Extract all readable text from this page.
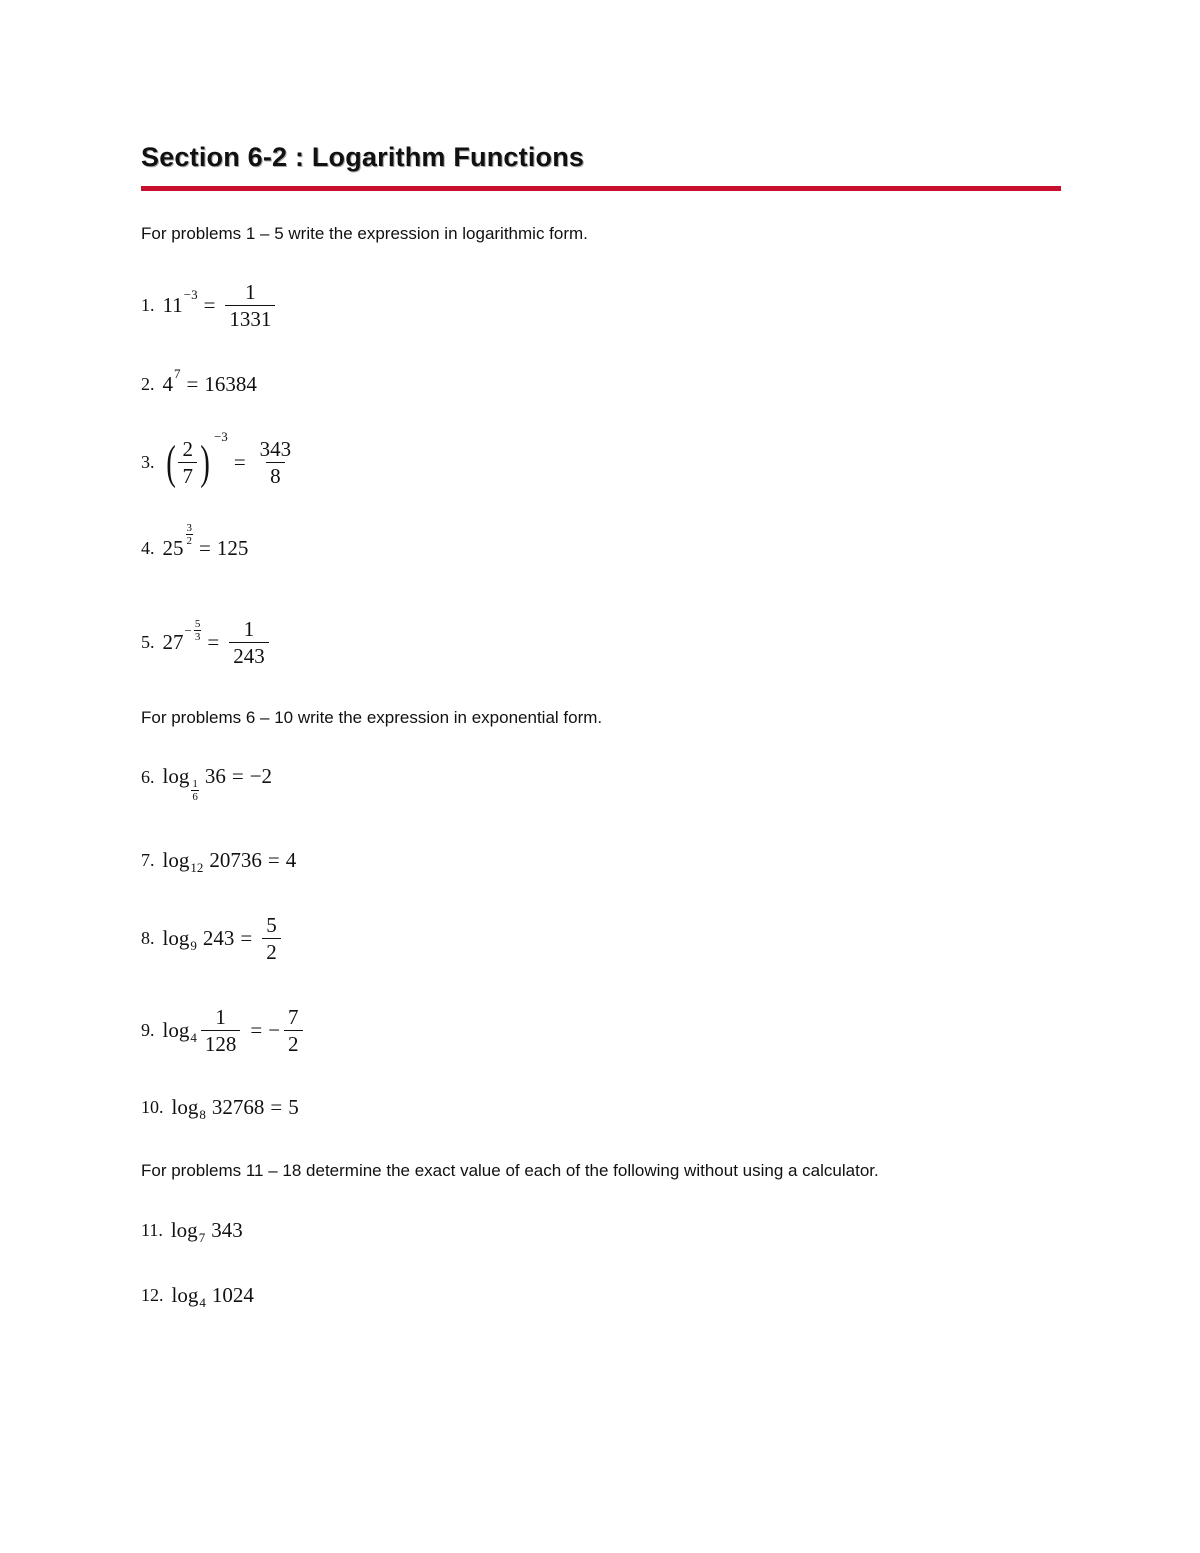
Section 6-2 : Logarithm Functions
For problems 1 – 5 write the expression in logarithmic form.
1. $11 -3 = \frac{1}{1331}$
2. 4 7 = 16384
3. ( $\frac{2}{7}$ ) −3
= $\frac{343}{8}$
4. 25
$\frac{3}{2}$
= 125
5. $27 - \frac{5}{3} = \frac{1}{243}$
For problems 6 – 10 write the expression in exponential form.
6. log
$\frac{1}{6}$
36 = −2
7. log 12 20736 = 4
8. log 9 $243 = \frac{5}{2}$
9. $\log 4 \frac{1}{128}$ = − $\frac{7}{2}$
10. log 8 32768 = 5
For problems 11 – 18 determine the exact value of each of the following without using a calculator.
11. log 7 343
12. log 4 1024
